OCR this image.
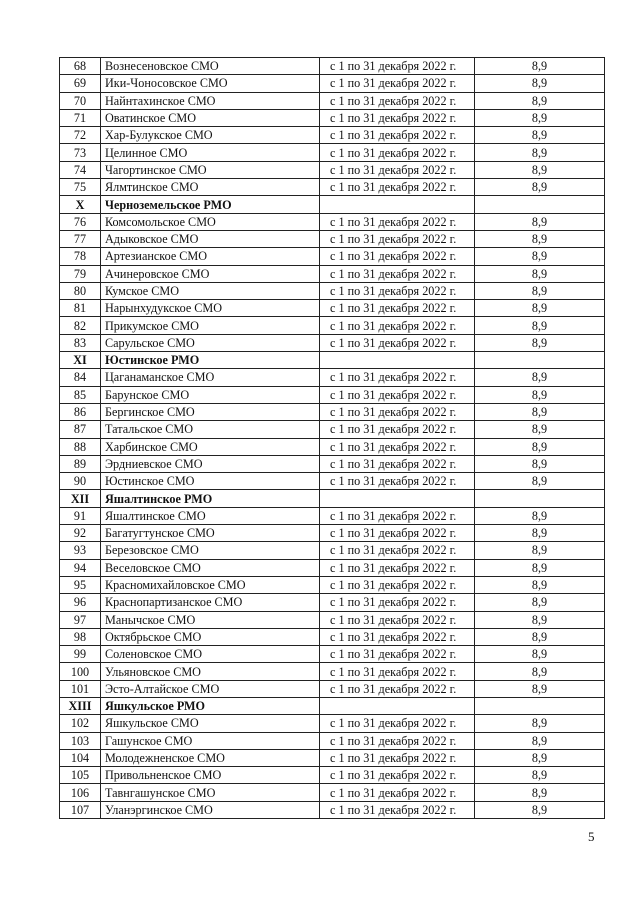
68	Вознесеновское СМО	с 1 по 31 декабря 2022 г.	8,9
69	Ики-Чоносовское СМО	с 1 по 31 декабря 2022 г.	8,9
70	Найнтахинское СМО	с 1 по 31 декабря 2022 г.	8,9
71	Оватинское СМО	с 1 по 31 декабря 2022 г.	8,9
72	Хар-Булукское СМО	с 1 по 31 декабря 2022 г.	8,9
73	Целинное СМО	с 1 по 31 декабря 2022 г.	8,9
74	Чагортинское СМО	с 1 по 31 декабря 2022 г.	8,9
75	Ялмтинское СМО	с 1 по 31 декабря 2022 г.	8,9
X	Черноземельское РМО		
76	Комсомольское СМО	с 1 по 31 декабря 2022 г.	8,9
77	Адыковское СМО	с 1 по 31 декабря 2022 г.	8,9
78	Артезианское СМО	с 1 по 31 декабря 2022 г.	8,9
79	Ачинеровское СМО	с 1 по 31 декабря 2022 г.	8,9
80	Кумское СМО	с 1 по 31 декабря 2022 г.	8,9
81	Нарынхудукское СМО	с 1 по 31 декабря 2022 г.	8,9
82	Прикумское СМО	с 1 по 31 декабря 2022 г.	8,9
83	Сарульское СМО	с 1 по 31 декабря 2022 г.	8,9
XI	Юстинское РМО		
84	Цаганаманское СМО	с 1 по 31 декабря 2022 г.	8,9
85	Барунское СМО	с 1 по 31 декабря 2022 г.	8,9
86	Бергинское СМО	с 1 по 31 декабря 2022 г.	8,9
87	Татальское СМО	с 1 по 31 декабря 2022 г.	8,9
88	Харбинское СМО	с 1 по 31 декабря 2022 г.	8,9
89	Эрдниевское СМО	с 1 по 31 декабря 2022 г.	8,9
90	Юстинское СМО	с 1 по 31 декабря 2022 г.	8,9
XII	Яшалтинское РМО		
91	Яшалтинское СМО	с 1 по 31 декабря 2022 г.	8,9
92	Багатугтунское СМО	с 1 по 31 декабря 2022 г.	8,9
93	Березовское СМО	с 1 по 31 декабря 2022 г.	8,9
94	Веселовское СМО	с 1 по 31 декабря 2022 г.	8,9
95	Красномихайловское СМО	с 1 по 31 декабря 2022 г.	8,9
96	Краснопартизанское СМО	с 1 по 31 декабря 2022 г.	8,9
97	Манычское СМО	с 1 по 31 декабря 2022 г.	8,9
98	Октябрьское СМО	с 1 по 31 декабря 2022 г.	8,9
99	Соленовское СМО	с 1 по 31 декабря 2022 г.	8,9
100	Ульяновское СМО	с 1 по 31 декабря 2022 г.	8,9
101	Эсто-Алтайское СМО	с 1 по 31 декабря 2022 г.	8,9
XIII	Яшкульское РМО		
102	Яшкульское СМО	с 1 по 31 декабря 2022 г.	8,9
103	Гашунское СМО	с 1 по 31 декабря 2022 г.	8,9
104	Молодежненское СМО	с 1 по 31 декабря 2022 г.	8,9
105	Привольненское СМО	с 1 по 31 декабря 2022 г.	8,9
106	Тавнгашунское СМО	с 1 по 31 декабря 2022 г.	8,9
107	Уланэргинское СМО	с 1 по 31 декабря 2022 г.	8,9
5
